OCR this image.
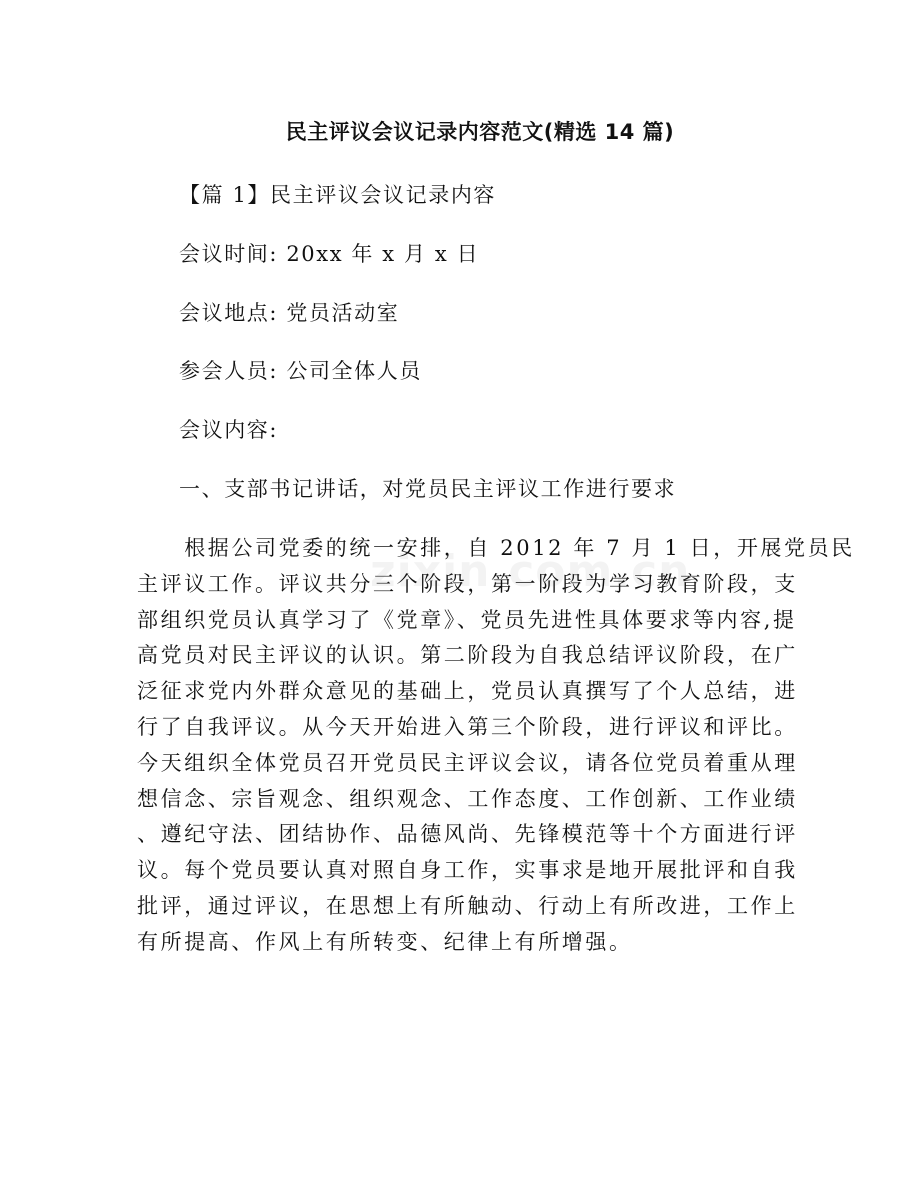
民主评议会议记录内容范文(精选 14 篇)
【篇 1】民主评议会议记录内容
会议时间: 20xx 年 x 月 x 日
会议地点: 党员活动室
参会人员: 公司全体人员
会议内容:
一、支部书记讲话，对党员民主评议工作进行要求
　　根据公司党委的统一安排，自 2012 年 7 月 1 日，开展党员民
主评议工作。评议共分三个阶段，第一阶段为学习教育阶段，支
部组织党员认真学习了《党章》、党员先进性具体要求等内容,提
高党员对民主评议的认识。第二阶段为自我总结评议阶段，在广
泛征求党内外群众意见的基础上，党员认真撰写了个人总结，进
行了自我评议。从今天开始进入第三个阶段，进行评议和评比。
今天组织全体党员召开党员民主评议会议，请各位党员着重从理
想信念、宗旨观念、组织观念、工作态度、工作创新、工作业绩
、遵纪守法、团结协作、品德风尚、先锋模范等十个方面进行评
议。每个党员要认真对照自身工作，实事求是地开展批评和自我
批评，通过评议，在思想上有所触动、行动上有所改进，工作上
有所提高、作风上有所转变、纪律上有所增强。
